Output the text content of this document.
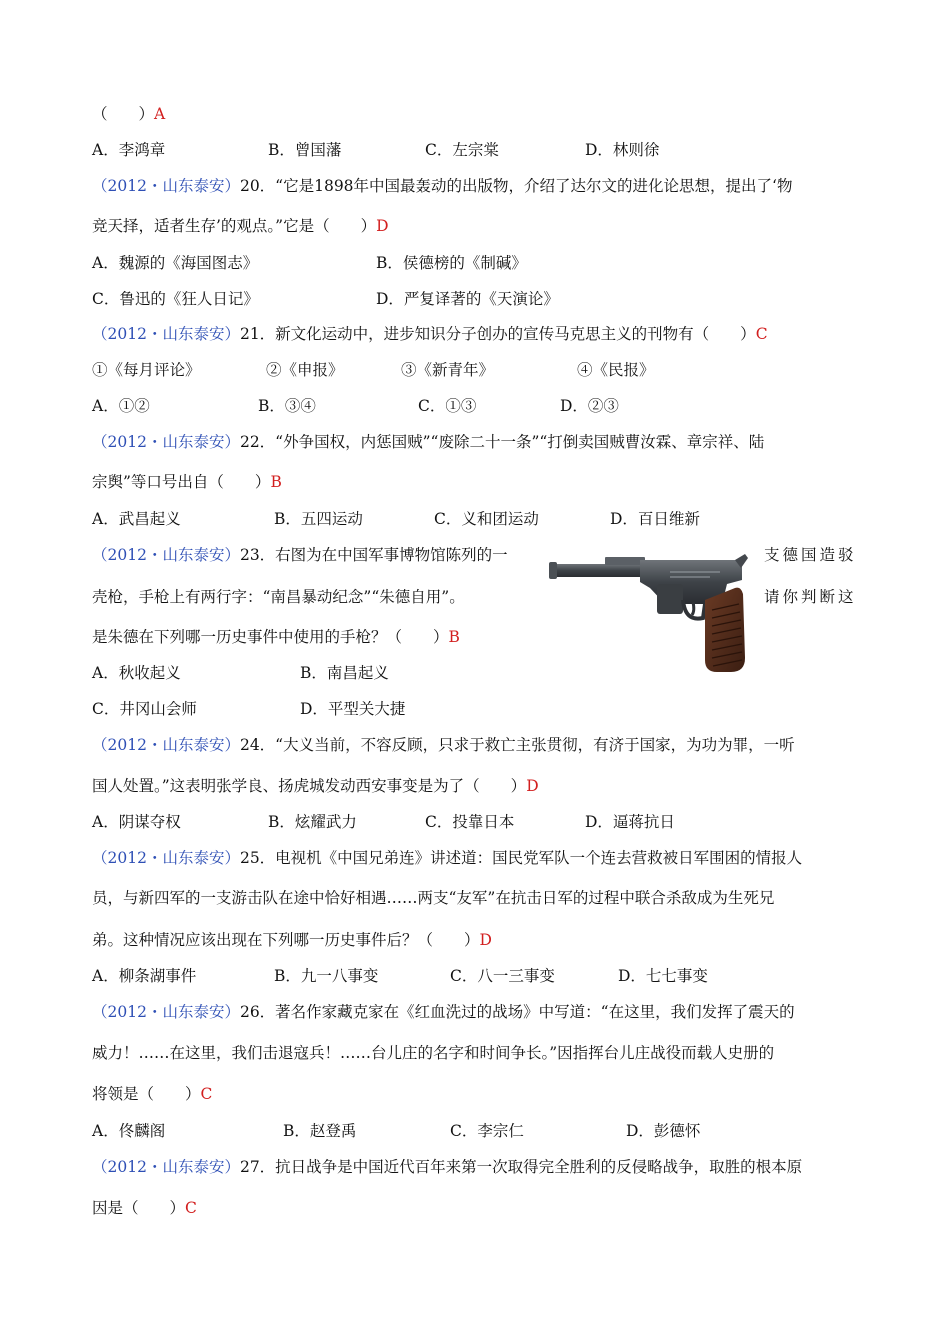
（　　）A
A．李鸿章	B．曾国藩	C．左宗棠	D．林则徐
（2012・山东泰安）20．“它是1898年中国最轰动的出版物，介绍了达尔文的进化论思想，提出了‘物
竞天择，适者生存’的观点。”它是（　　）D
A．魏源的《海国图志》	B．侯德榜的《制碱》
C．鲁迅的《狂人日记》	D．严复译著的《天演论》
（2012・山东泰安）21．新文化运动中，进步知识分子创办的宣传马克思主义的刊物有（　　）C
①《每月评论》	②《申报》	③《新青年》	④《民报》
A．①②	B．③④	C．①③	D．②③
（2012・山东泰安）22．“外争国权，内惩国贼”“废除二十一条”“打倒卖国贼曹汝霖、章宗祥、陆
宗舆”等口号出自（　　）B
A．武昌起义	B．五四运动	C．义和团运动	D．百日维新
（2012・山东泰安）23．右图为在中国军事博物馆陈列的一	支德国造驳
壳枪，手枪上有两行字：“南昌暴动纪念”“朱德自用”。	请你判断这
是朱德在下列哪一历史事件中使用的手枪？（　　）B
A．秋收起义	B．南昌起义
C．井冈山会师	D．平型关大捷
（2012・山东泰安）24．“大义当前，不容反顾，只求于救亡主张贯彻，有济于国家，为功为罪，一听
国人处置。”这表明张学良、扬虎城发动西安事变是为了（　　）D
A．阴谋夺权	B．炫耀武力	C．投靠日本	D．逼蒋抗日
（2012・山东泰安）25．电视机《中国兄弟连》讲述道：国民党军队一个连去营救被日军围困的情报人
员，与新四军的一支游击队在途中恰好相遇……两支“友军”在抗击日军的过程中联合杀敌成为生死兄
弟。这种情况应该出现在下列哪一历史事件后？（　　）D
A．柳条湖事件	B．九一八事变	C．八一三事变	D．七七事变
（2012・山东泰安）26．著名作家藏克家在《红血洗过的战场》中写道：“在这里，我们发挥了震天的
威力！……在这里，我们击退寇兵！……台儿庄的名字和时间争长。”因指挥台儿庄战役而载人史册的
将领是（　　）C
A．佟麟阁	B．赵登禹	C．李宗仁	D．彭德怀
（2012・山东泰安）27．抗日战争是中国近代百年来第一次取得完全胜利的反侵略战争，取胜的根本原
因是（　　）C
